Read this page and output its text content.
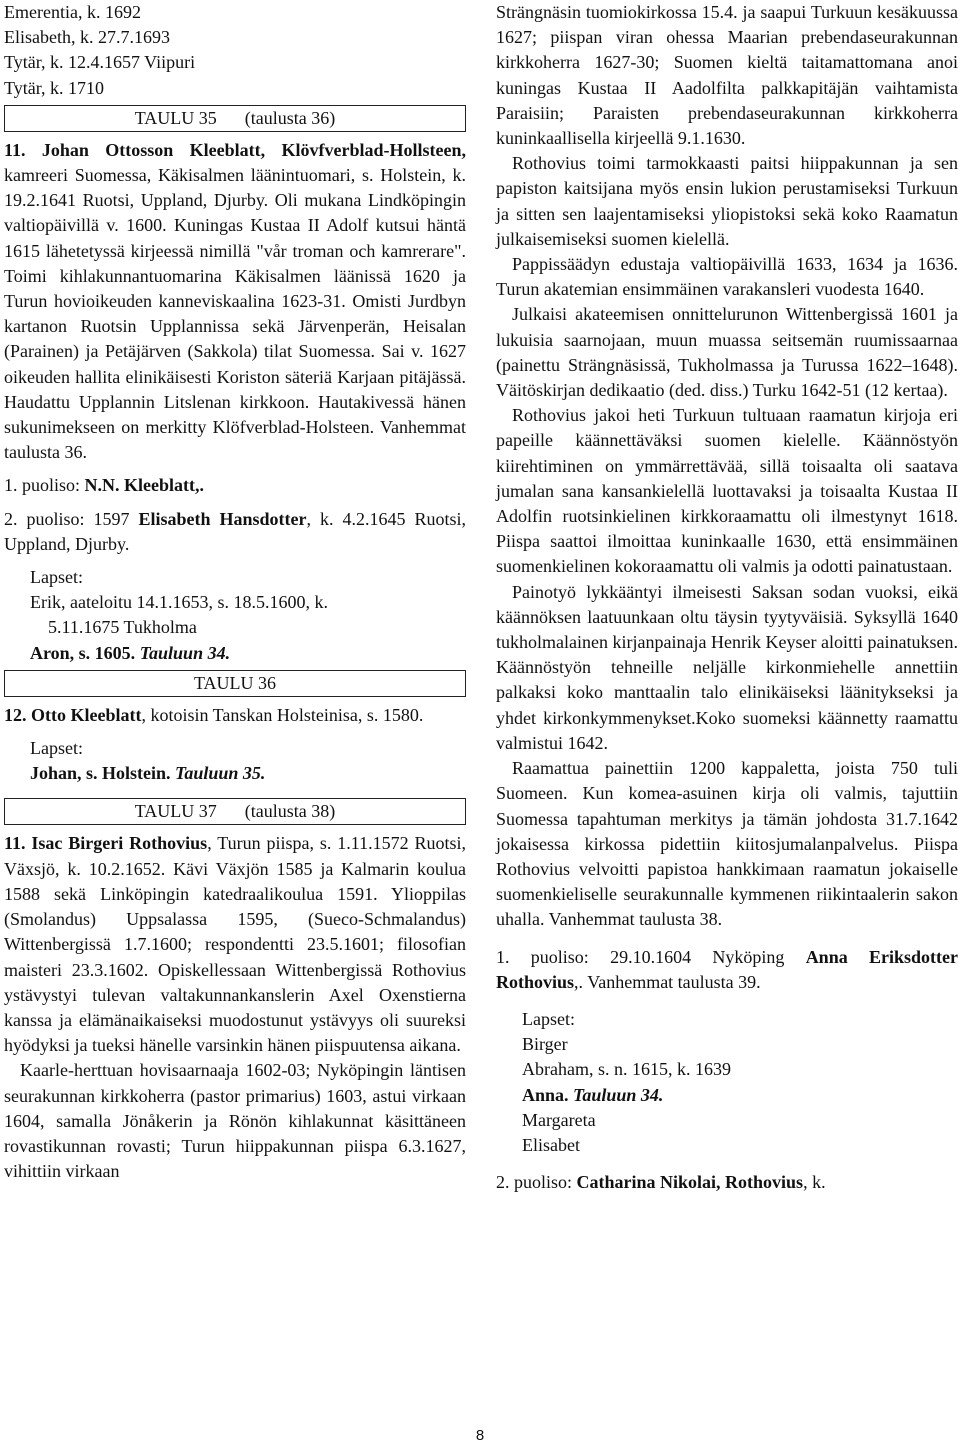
Emerentia, k. 1692

Elisabeth, k. 27.7.1693

Tytär, k. 12.4.1657 Viipuri

Tytär, k. 1710

TAULU 35 (taulusta 36)

11. Johan Ottosson Kleeblatt, Klövfverblad-Hollsteen, kamreeri Suomessa, Käkisalmen läänintuomari, s. Holstein, k. 19.2.1641 Ruotsi, Uppland, Djurby. Oli mukana Lindköpingin valtiopäivillä v. 1600. Kuningas Kustaa II Adolf kutsui häntä 1615 lähetetyssä kirjeessä nimillä "vår troman och kamrerare". Toimi kihlakunnantuomarina Käkisalmen läänissä 1620 ja Turun hovioikeuden kanneviskaalina 1623-31. Omisti Jurdbyn kartanon Ruotsin Upplannissa sekä Järvenperän, Heisalan (Parainen) ja Petäjärven (Sakkola) tilat Suomessa. Sai v. 1627 oikeuden hallita elinikäisesti Koriston säteriä Karjaan pitäjässä. Haudattu Upplannin Litslenan kirkkoon. Hautakivessä hänen sukunimekseen on merkitty Klöfverblad-Holsteen. Vanhemmat taulusta 36.

1. puoliso: N.N. Kleeblatt,.

2. puoliso: 1597 Elisabeth Hansdotter, k. 4.2.1645 Ruotsi, Uppland, Djurby.

Lapset:

Erik, aateloitu 14.1.1653, s. 18.5.1600, k.

5.11.1675 Tukholma

Aron, s. 1605. Tauluun 34.

TAULU 36

12. Otto Kleeblatt, kotoisin Tanskan Holsteinisa, s. 1580.

Lapset:

Johan, s. Holstein. Tauluun 35.

TAULU 37 (taulusta 38)

11. Isac Birgeri Rothovius, Turun piispa, s. 1.11.1572 Ruotsi, Växsjö, k. 10.2.1652. Kävi Växjön 1585 ja Kalmarin koulua 1588 sekä Linköpingin katedraalikoulua 1591. Ylioppilas (Smolandus) Uppsalassa 1595, (Sueco-Schmalandus) Wittenbergissä 1.7.1600; respondentti 23.5.1601; filosofian maisteri 23.3.1602. Opiskellessaan Wittenbergissä Rothovius ystävystyi tulevan valtakunnankanslerin Axel Oxenstierna kanssa ja elämänaikaiseksi muodostunut ystävyys oli suureksi hyödyksi ja tueksi hänelle varsinkin hänen piispuutensa aikana.

Kaarle-herttuan hovisaarnaaja 1602-03; Nyköpingin läntisen seurakunnan kirkkoherra (pastor primarius) 1603, astui virkaan 1604, samalla Jönåkerin ja Rönön kihlakunnat käsittäneen rovastikunnan rovasti; Turun hiippakunnan piispa 6.3.1627, vihittiin virkaan

Strängnäsin tuomiokirkossa 15.4. ja saapui Turkuun kesäkuussa 1627; piispan viran ohessa Maarian prebendaseurakunnan kirkkoherra 1627-30; Suomen kieltä taitamattomana anoi kuningas Kustaa II Aadolfilta palkkapitäjän vaihtamista Paraisiin; Paraisten prebendaseurakunnan kirkkoherra kuninkaallisella kirjeellä 9.1.1630.

Rothovius toimi tarmokkaasti paitsi hiippakunnan ja sen papiston kaitsijana myös ensin lukion perustamiseksi Turkuun ja sitten sen laajentamiseksi yliopistoksi sekä koko Raamatun julkaisemiseksi suomen kielellä.

Pappissäädyn edustaja valtiopäivillä 1633, 1634 ja 1636. Turun akatemian ensimmäinen varakansleri vuodesta 1640.

Julkaisi akateemisen onnittelurunon Wittenbergissä 1601 ja lukuisia saarnojaan, muun muassa seitsemän ruumissaarnaa (painettu Strängnäsissä, Tukholmassa ja Turussa 1622–1648). Väitöskirjan dedikaatio (ded. diss.) Turku 1642-51 (12 kertaa).

Rothovius jakoi heti Turkuun tultuaan raamatun kirjoja eri papeille käännettäväksi suomen kielelle. Käännöstyön kiirehtiminen on ymmärrettävää, sillä toisaalta oli saatava jumalan sana kansankielellä luottavaksi ja toisaalta Kustaa II Adolfin ruotsinkielinen kirkkoraamattu oli ilmestynyt 1618. Piispa saattoi ilmoittaa kuninkaalle 1630, että ensimmäinen suomenkielinen kokoraamattu oli valmis ja odotti painatustaan.

Painotyö lykkääntyi ilmeisesti Saksan sodan vuoksi, eikä käännöksen laatuunkaan oltu täysin tyytyväisiä. Syksyllä 1640 tukholmalainen kirjanpainaja Henrik Keyser aloitti painatuksen. Käännöstyön tehneille neljälle kirkonmiehelle annettiin palkaksi koko manttaalin talo elinikäiseksi läänitykseksi ja yhdet kirkonkymmenykset.Koko suomeksi käännetty raamattu valmistui 1642.

Raamattua painettiin 1200 kappaletta, joista 750 tuli Suomeen. Kun komea-asuinen kirja oli valmis, tajuttiin Suomessa tapahtuman merkitys ja tämän johdosta 31.7.1642 jokaisessa kirkossa pidettiin kiitosjumalanpalvelus. Piispa Rothovius velvoitti papistoa hankkimaan raamatun jokaiselle suomenkieliselle seurakunnalle kymmenen riikintaalerin sakon uhalla. Vanhemmat taulusta 38.

1. puoliso: 29.10.1604 Nyköping Anna Eriksdotter Rothovius,. Vanhemmat taulusta 39.

Lapset:

Birger

Abraham, s. n. 1615, k. 1639

Anna. Tauluun 34.

Margareta

Elisabet

2. puoliso: Catharina Nikolai, Rothovius, k.

8
